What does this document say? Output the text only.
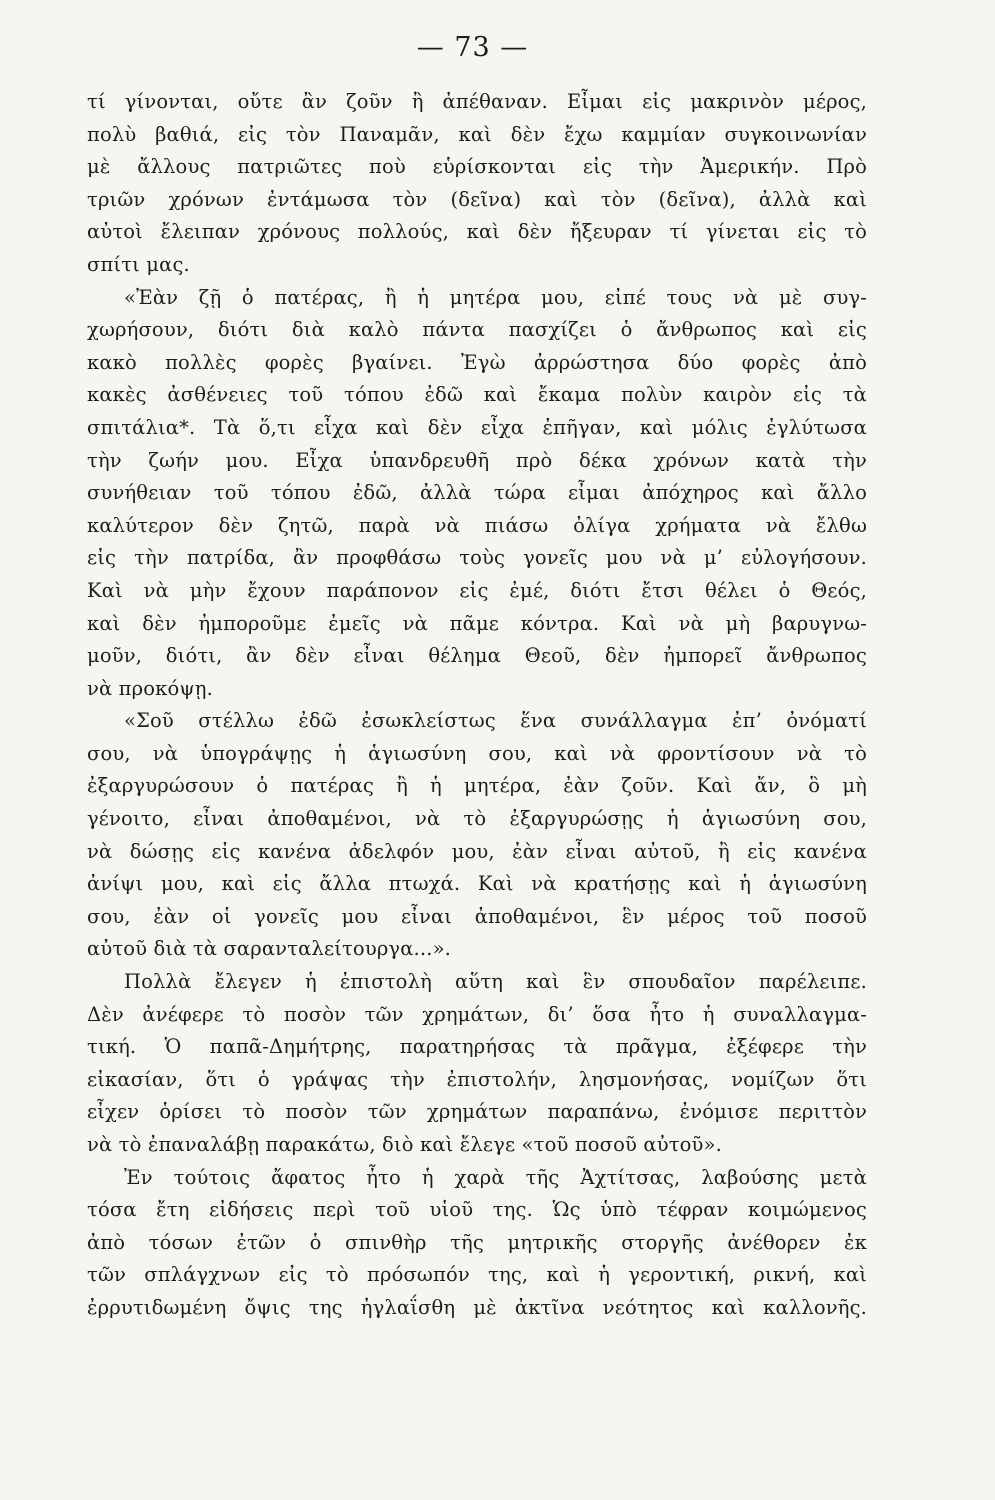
— 73 —
τί γίνονται, οὔτε ἂν ζοῦν ἢ ἀπέθαναν. Εἶμαι εἰς μακρινὸν μέρος,
πολὺ βαθιά, εἰς τὸν Παναμᾶν, καὶ δὲν ἔχω καμμίαν συγκοινωνίαν
μὲ ἄλλους πατριῶτες ποὺ εὑρίσκονται εἰς τὴν Ἀμερικήν. Πρὸ
τριῶν χρόνων ἐντάμωσα τὸν (δεῖνα) καὶ τὸν (δεῖνα), ἀλλὰ καὶ
αὐτοὶ ἔλειπαν χρόνους πολλούς, καὶ δὲν ἤξευραν τί γίνεται εἰς τὸ
σπίτι μας.
«Ἐὰν ζῇ ὁ πατέρας, ἢ ἡ μητέρα μου, εἰπέ τους νὰ μὲ συγ-
χωρήσουν, διότι διὰ καλὸ πάντα πασχίζει ὁ ἄνθρωπος καὶ εἰς
κακὸ πολλὲς φορὲς βγαίνει. Ἐγὼ ἀρρώστησα δύο φορὲς ἀπὸ
κακὲς ἀσθένειες τοῦ τόπου ἐδῶ καὶ ἔκαμα πολὺν καιρὸν εἰς τὰ
σπιτάλια*. Τὰ ὅ,τι εἶχα καὶ δὲν εἶχα ἐπῆγαν, καὶ μόλις ἐγλύτωσα
τὴν ζωήν μου. Εἶχα ὑπανδρευθῆ πρὸ δέκα χρόνων κατὰ τὴν
συνήθειαν τοῦ τόπου ἐδῶ, ἀλλὰ τώρα εἶμαι ἀπόχηρος καὶ ἄλλο
καλύτερον δὲν ζητῶ, παρὰ νὰ πιάσω ὀλίγα χρήματα νὰ ἔλθω
εἰς τὴν πατρίδα, ἂν προφθάσω τοὺς γονεῖς μου νὰ μ’ εὐλογήσουν.
Καὶ νὰ μὴν ἔχουν παράπονον εἰς ἐμέ, διότι ἔτσι θέλει ὁ Θεός,
καὶ δὲν ἠμποροῦμε ἐμεῖς νὰ πᾶμε κόντρα. Καὶ νὰ μὴ βαρυγνω-
μοῦν, διότι, ἂν δὲν εἶναι θέλημα Θεοῦ, δὲν ἠμπορεῖ ἄνθρωπος
νὰ προκόψῃ.
«Σοῦ στέλλω ἐδῶ ἐσωκλείστως ἕνα συνάλλαγμα ἐπ’ ὀνόματί
σου, νὰ ὑπογράψῃς ἡ ἁγιωσύνη σου, καὶ νὰ φροντίσουν νὰ τὸ
ἐξαργυρώσουν ὁ πατέρας ἢ ἡ μητέρα, ἐὰν ζοῦν. Καὶ ἄν, ὃ μὴ
γένοιτο, εἶναι ἀποθαμένοι, νὰ τὸ ἐξαργυρώσῃς ἡ ἁγιωσύνη σου,
νὰ δώσῃς εἰς κανένα ἀδελφόν μου, ἐὰν εἶναι αὐτοῦ, ἢ εἰς κανένα
ἀνίψι μου, καὶ εἰς ἄλλα πτωχά. Καὶ νὰ κρατήσῃς καὶ ἡ ἁγιωσύνη
σου, ἐὰν οἱ γονεῖς μου εἶναι ἀποθαμένοι, ἓν μέρος τοῦ ποσοῦ
αὐτοῦ διὰ τὰ σαρανταλείτουργα...».
Πολλὰ ἔλεγεν ἡ ἐπιστολὴ αὕτη καὶ ἓν σπουδαῖον παρέλειπε.
Δὲν ἀνέφερε τὸ ποσὸν τῶν χρημάτων, δι’ ὅσα ἦτο ἡ συναλλαγμα-
τική. Ὁ παπᾶ-Δημήτρης, παρατηρήσας τὰ πρᾶγμα, ἐξέφερε τὴν
εἰκασίαν, ὅτι ὁ γράψας τὴν ἐπιστολήν, λησμονήσας, νομίζων ὅτι
εἶχεν ὁρίσει τὸ ποσὸν τῶν χρημάτων παραπάνω, ἐνόμισε περιττὸν
νὰ τὸ ἐπαναλάβῃ παρακάτω, διὸ καὶ ἔλεγε «τοῦ ποσοῦ αὐτοῦ».
Ἐν τούτοις ἄφατος ἦτο ἡ χαρὰ τῆς Ἀχτίτσας, λαβούσης μετὰ
τόσα ἔτη εἰδήσεις περὶ τοῦ υἱοῦ της. Ὡς ὑπὸ τέφραν κοιμώμενος
ἀπὸ τόσων ἐτῶν ὁ σπινθὴρ τῆς μητρικῆς στοργῆς ἀνέθορεν ἐκ
τῶν σπλάγχνων εἰς τὸ πρόσωπόν της, καὶ ἡ γεροντική, ρικνή, καὶ
ἐρρυτιδωμένη ὄψις της ἠγλαΐσθη μὲ ἀκτῖνα νεότητος καὶ καλλονῆς.
